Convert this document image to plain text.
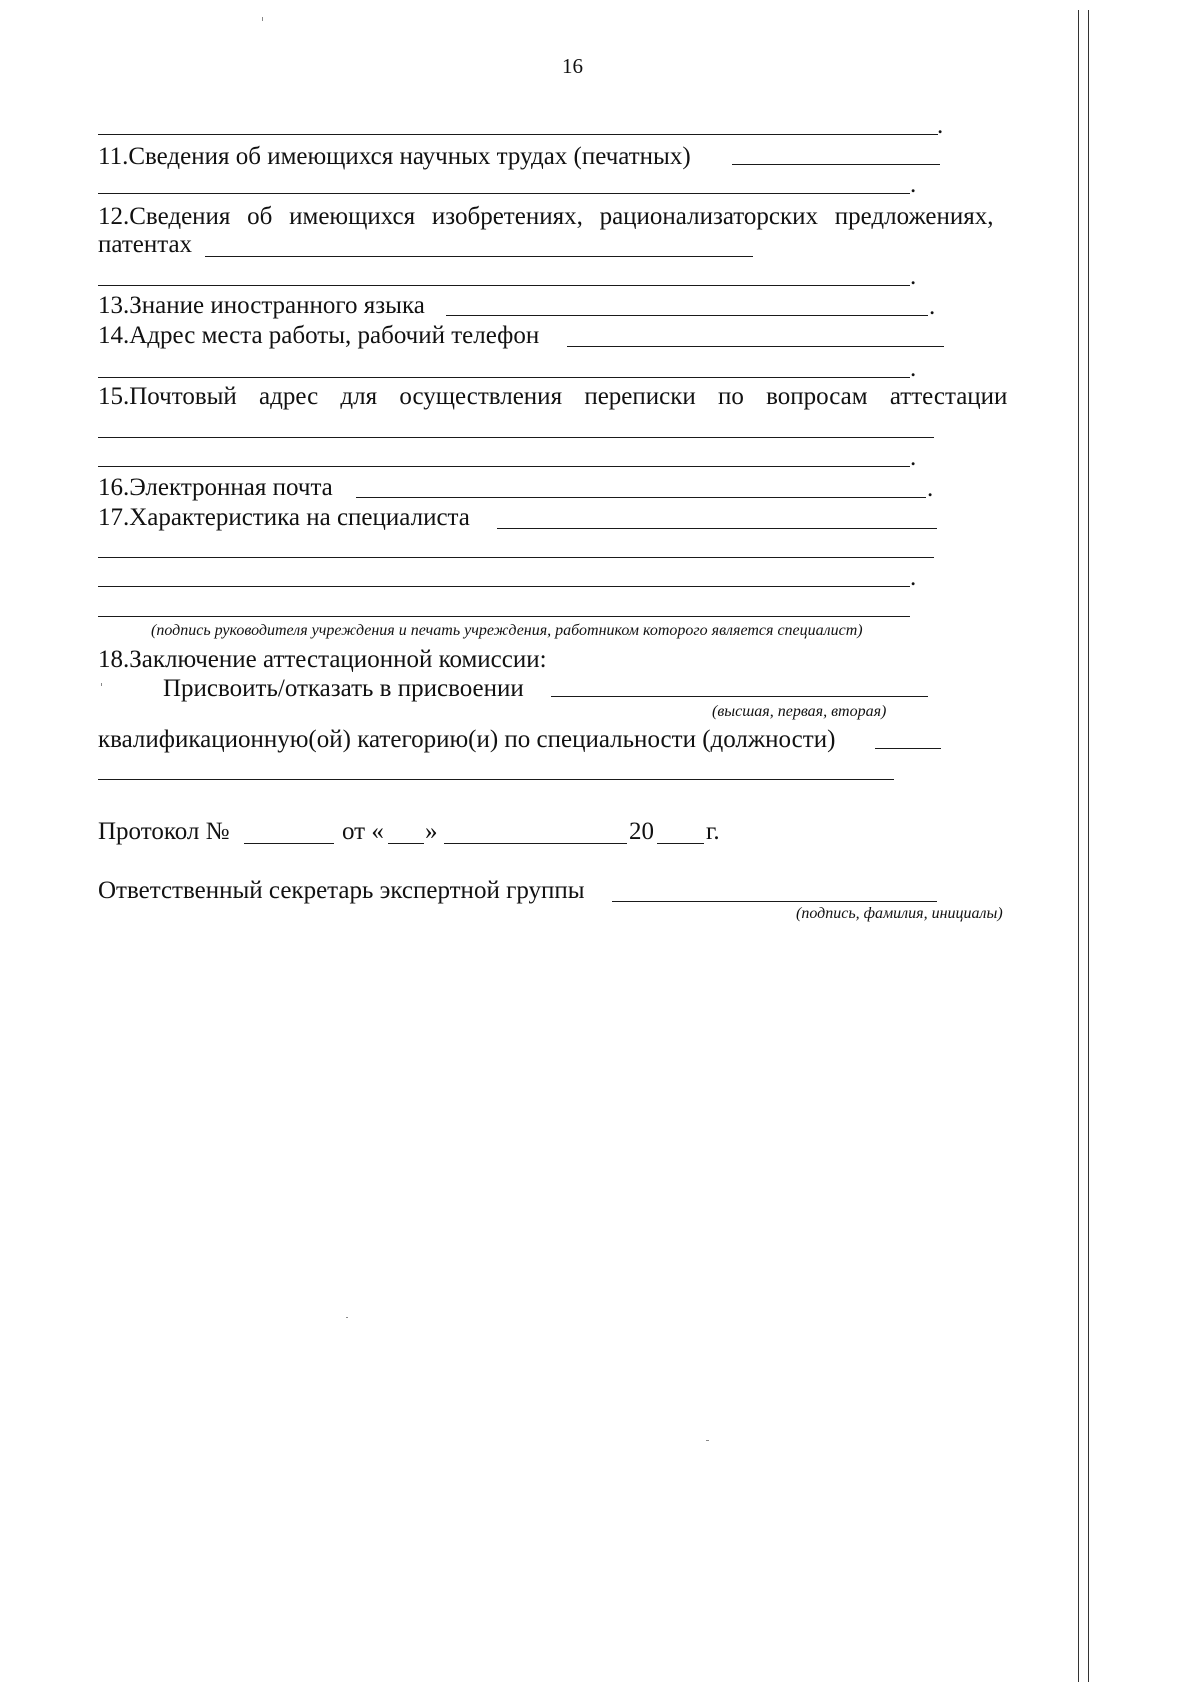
16
.
11.Сведения об имеющихся научных трудах (печатных)
.
12.Сведения об имеющихся изобретениях, рационализаторских предложениях,
патентах
.
13.Знание иностранного языка	.
14.Адрес места работы, рабочий телефон
.
15.Почтовый адрес для осуществления переписки по вопросам аттестации
.
16.Электронная почта	.
17.Характеристика на специалиста
.
(подпись руководителя учреждения и печать учреждения, работником которого является специалист)
18.Заключение аттестационной комиссии:
Присвоить/отказать в присвоении
(высшая, первая, вторая)
квалификационную(ой) категорию(и) по специальности (должности)
Протокол №	от « »	20 г.
Ответственный секретарь экспертной группы
(подпись, фамилия, инициалы)
